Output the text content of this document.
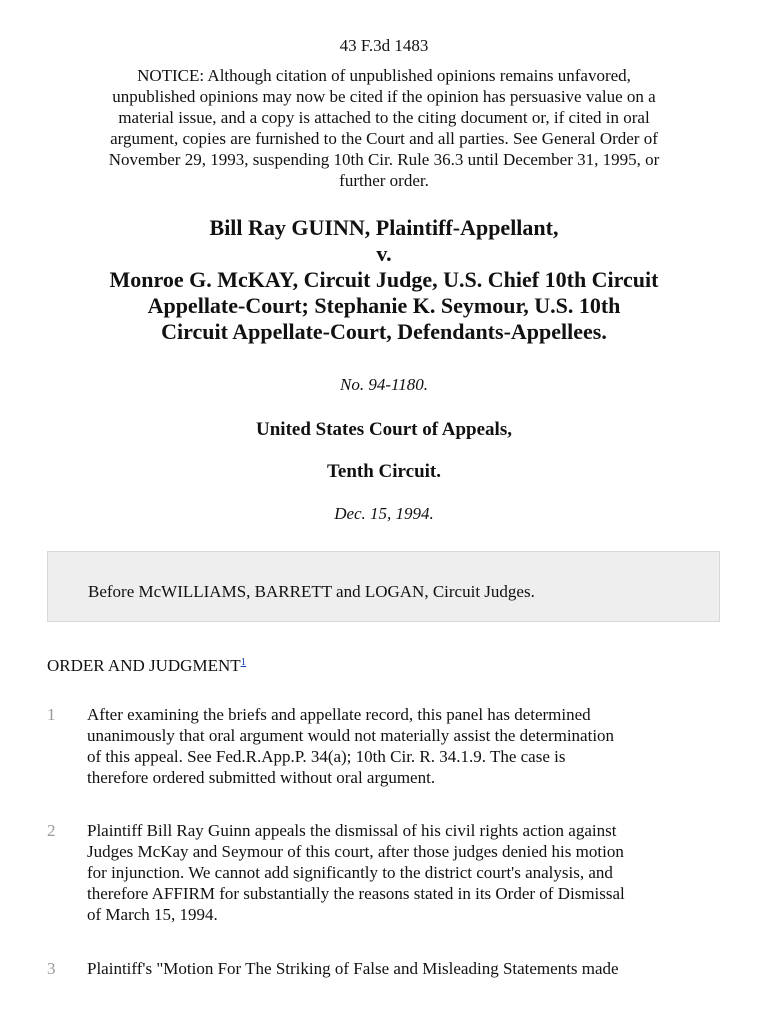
43 F.3d 1483
NOTICE: Although citation of unpublished opinions remains unfavored,
unpublished opinions may now be cited if the opinion has persuasive value on a
material issue, and a copy is attached to the citing document or, if cited in oral
argument, copies are furnished to the Court and all parties. See General Order of
November 29, 1993, suspending 10th Cir. Rule 36.3 until December 31, 1995, or
further order.
Bill Ray GUINN, Plaintiff-Appellant,
v.
Monroe G. McKAY, Circuit Judge, U.S. Chief 10th Circuit
Appellate-Court; Stephanie K. Seymour, U.S. 10th
Circuit Appellate-Court, Defendants-Appellees.
No. 94-1180.
United States Court of Appeals,
Tenth Circuit.
Dec. 15, 1994.
Before McWILLIAMS, BARRETT and LOGAN, Circuit Judges.
ORDER AND JUDGMENT$^1$
1 After examining the briefs and appellate record, this panel has determined
unanimously that oral argument would not materially assist the determination
of this appeal. See Fed.R.App.P. 34(a); 10th Cir. R. 34.1.9. The case is
therefore ordered submitted without oral argument.
2 Plaintiff Bill Ray Guinn appeals the dismissal of his civil rights action against
Judges McKay and Seymour of this court, after those judges denied his motion
for injunction. We cannot add significantly to the district court's analysis, and
therefore AFFIRM for substantially the reasons stated in its Order of Dismissal
of March 15, 1994.
3 Plaintiff's "Motion For The Striking of False and Misleading Statements made
